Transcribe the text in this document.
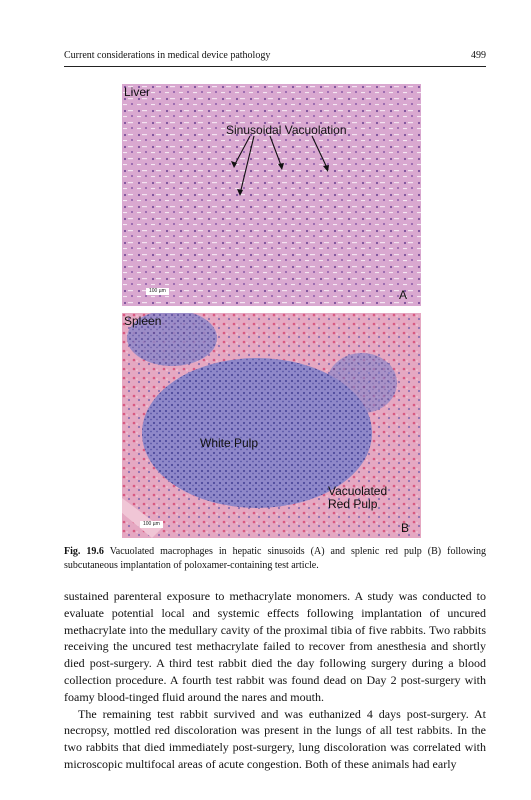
Current considerations in medical device pathology	499
Liver
Sinusoidal Vacuolation
A
100 µm
Spleen
White Pulp
Vacuolated
Red Pulp
B
100 µm
Fig. 19.6 Vacuolated macrophages in hepatic sinusoids (A) and splenic red pulp (B) following subcutaneous implantation of poloxamer-containing test article.

sustained parenteral exposure to methacrylate monomers. A study was conducted to evaluate potential local and systemic effects following implantation of uncured methacrylate into the medullary cavity of the proximal tibia of five rabbits. Two rabbits receiving the uncured test methacrylate failed to recover from anesthesia and shortly died post-surgery. A third test rabbit died the day following surgery during a blood collection procedure. A fourth test rabbit was found dead on Day 2 post-surgery with foamy blood-tinged fluid around the nares and mouth.

The remaining test rabbit survived and was euthanized 4 days post-surgery. At necropsy, mottled red discoloration was present in the lungs of all test rabbits. In the two rabbits that died immediately post-surgery, lung discoloration was correlated with microscopic multifocal areas of acute congestion. Both of these animals had early
